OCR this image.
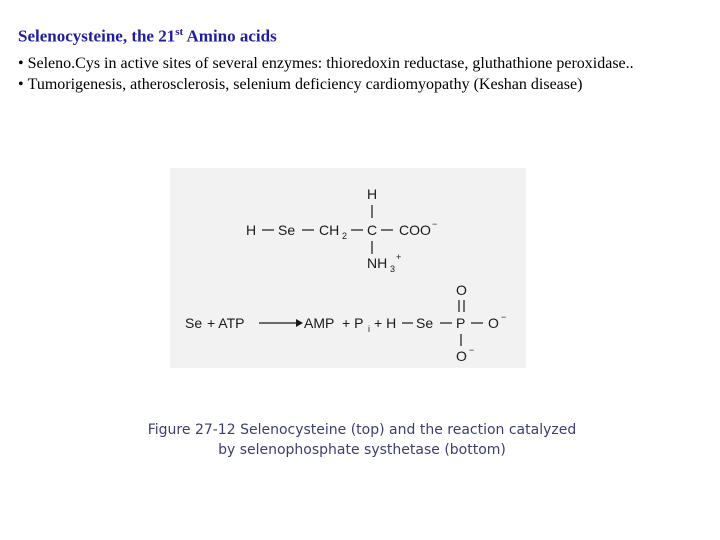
Selenocysteine, the 21st Amino acids
• Seleno.Cys in active sites of several enzymes: thioredoxin reductase, gluthathione peroxidase..
• Tumorigenesis, atherosclerosis, selenium deficiency cardiomyopathy (Keshan disease)
H
H Se CH 2 C COO −
NH 3
+
Se + ATP	AMP + P i + H Se P
O
O −
O −
Figure 27-12 Selenocysteine (top) and the reaction catalyzed
by selenophosphate systhetase (bottom)
